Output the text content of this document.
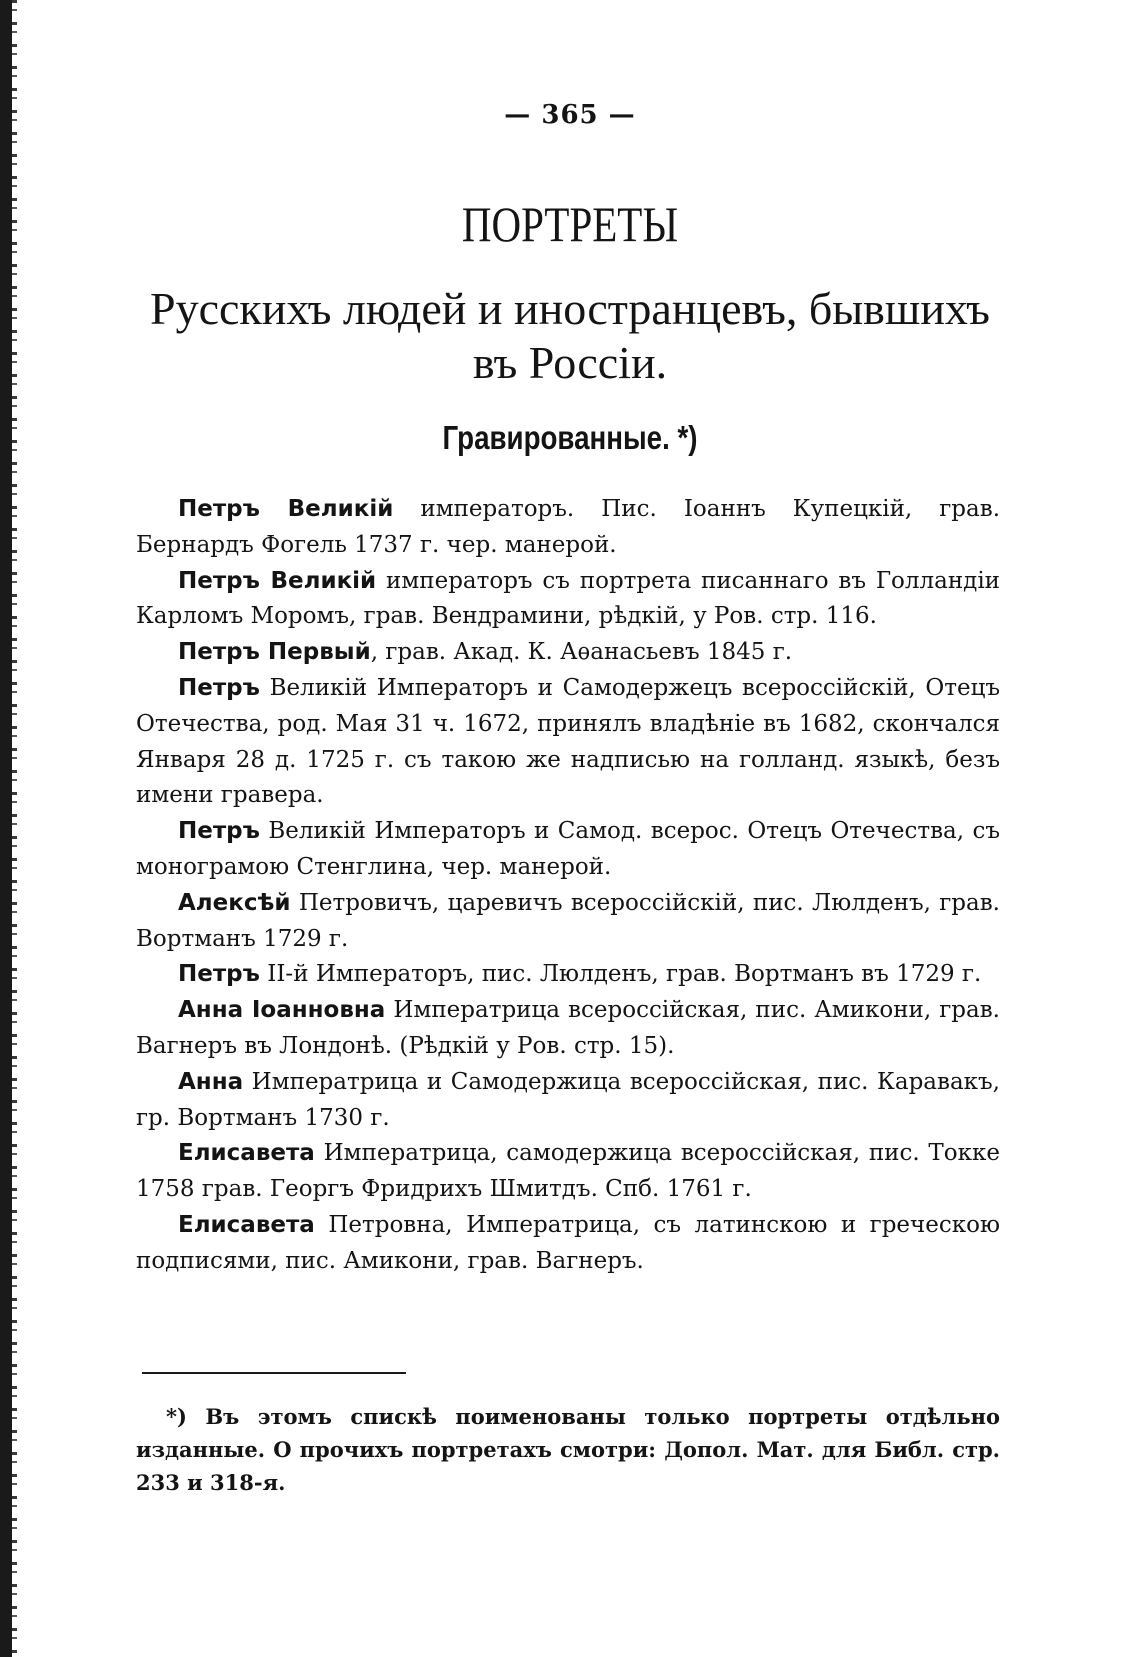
— 365 —
ПОРТРЕТЫ
Русскихъ людей и иностранцевъ, бывшихъ
въ Россіи.
Гравированные. *)

Петръ Великій императоръ. Пис. Іоаннъ Купецкій, грав. Бернардъ Фогель 1737 г. чер. манерой.

Петръ Великій императоръ съ портрета писаннаго въ Голландіи Карломъ Моромъ, грав. Вендрамини, рѣдкій, у Ров. стр. 116.

Петръ Первый, грав. Акад. К. Аѳанасьевъ 1845 г.

Петръ Великій Императоръ и Самодержецъ всероссійскій, Отецъ Отечества, род. Мая 31 ч. 1672, принялъ владѣніе въ 1682, скончался Января 28 д. 1725 г. съ такою же надписью на голланд. языкѣ, безъ имени гравера.

Петръ Великій Императоръ и Самод. всерос. Отецъ Отечества, съ монограмою Стенглина, чер. манерой.

Алексѣй Петровичъ, царевичъ всероссійскій, пис. Люлденъ, грав. Вортманъ 1729 г.

Петръ II-й Императоръ, пис. Люлденъ, грав. Вортманъ въ 1729 г.

Анна Іоанновна Императрица всероссійская, пис. Амикони, грав. Вагнеръ въ Лондонѣ. (Рѣдкій у Ров. стр. 15).

Анна Императрица и Самодержица всероссійская, пис. Каравакъ, гр. Вортманъ 1730 г.

Елисавета Императрица, самодержица всероссійская, пис. Токке 1758 грав. Георгъ Фридрихъ Шмитдъ. Спб. 1761 г.

Елисавета Петровна, Императрица, съ латинскою и греческою подписями, пис. Амикони, грав. Вагнеръ.

*) Въ этомъ спискѣ поименованы только портреты отдѣльно изданные. О прочихъ портретахъ смотри: Допол. Мат. для Библ. стр. 233 и 318-я.
